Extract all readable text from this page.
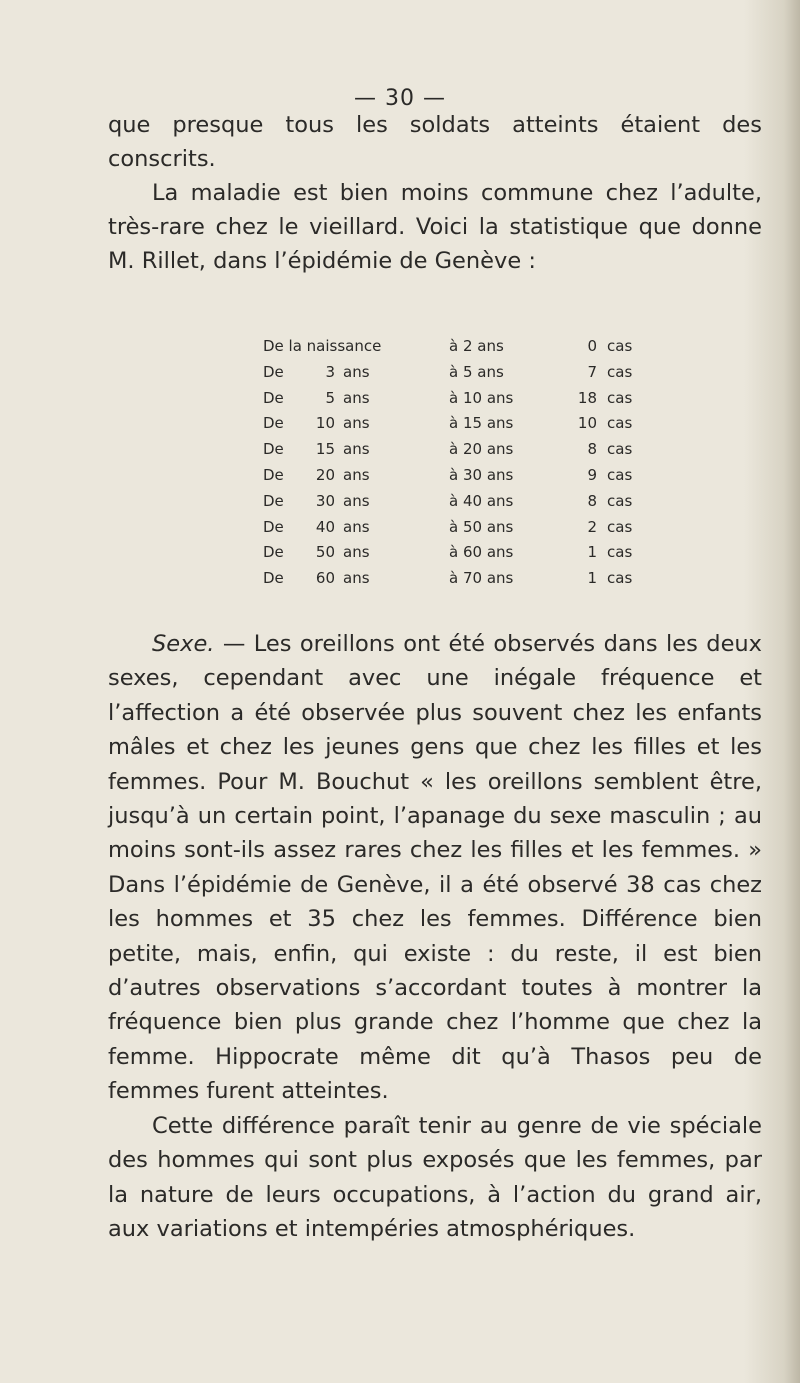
— 30 —

que presque tous les soldats atteints étaient des conscrits.

La maladie est bien moins commune chez l’adulte, très-rare chez le vieillard. Voici la statistique que donne M. Rillet, dans l’épidémie de Genève :

De la naissance	à 2 ans	0 cas
De	3 ans	à 5 ans	7 cas
De	5 ans	à 10 ans	18 cas
De	10 ans	à 15 ans	10 cas
De	15 ans	à 20 ans	8 cas
De	20 ans	à 30 ans	9 cas
De	30 ans	à 40 ans	8 cas
De	40 ans	à 50 ans	2 cas
De	50 ans	à 60 ans	1 cas
De	60 ans	à 70 ans	1 cas

Sexe. — Les oreillons ont été observés dans les deux sexes, cependant avec une inégale fréquence et l’affection a été observée plus souvent chez les enfants mâles et chez les jeunes gens que chez les filles et les femmes. Pour M. Bouchut « les oreillons semblent être, jusqu’à un certain point, l’apanage du sexe masculin ; au moins sont-ils assez rares chez les filles et les femmes. » Dans l’épidémie de Genève, il a été observé 38 cas chez les hommes et 35 chez les femmes. Différence bien petite, mais, enfin, qui existe : du reste, il est bien d’autres observations s’accordant toutes à montrer la fréquence bien plus grande chez l’homme que chez la femme. Hippocrate même dit qu’à Thasos peu de femmes furent atteintes.

Cette différence paraît tenir au genre de vie spéciale des hommes qui sont plus exposés que les femmes, par la nature de leurs occupations, à l’action du grand air, aux variations et intempéries atmosphériques.
